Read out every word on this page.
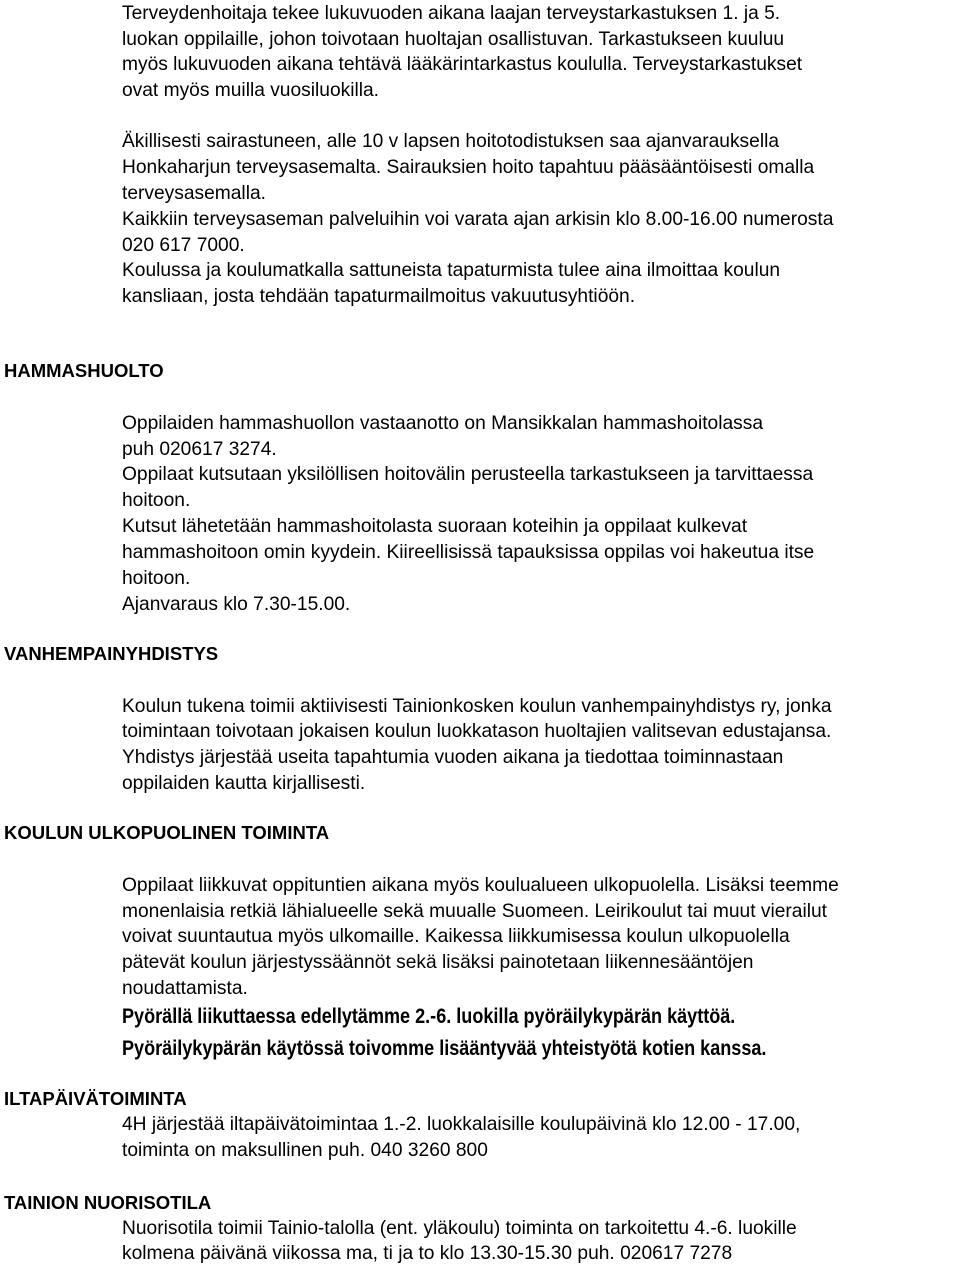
Terveydenhoitaja tekee lukuvuoden aikana laajan terveystarkastuksen 1. ja 5.
luokan oppilaille, johon toivotaan huoltajan osallistuvan. Tarkastukseen kuuluu
myös lukuvuoden aikana tehtävä lääkärintarkastus koululla. Terveystarkastukset
ovat myös muilla vuosiluokilla.
Äkillisesti sairastuneen, alle 10 v lapsen hoitotodistuksen saa ajanvarauksella
Honkaharjun terveysasemalta. Sairauksien hoito tapahtuu pääsääntöisesti omalla
terveysasemalla.
Kaikkiin terveysaseman palveluihin voi varata ajan arkisin klo 8.00-16.00 numerosta
020 617 7000.
Koulussa ja koulumatkalla sattuneista tapaturmista tulee aina ilmoittaa koulun
kansliaan, josta tehdään tapaturmailmoitus vakuutusyhtiöön.
HAMMASHUOLTO
Oppilaiden hammashuollon vastaanotto on Mansikkalan hammashoitolassa
puh 020617 3274.
Oppilaat kutsutaan yksilöllisen hoitovälin perusteella tarkastukseen ja tarvittaessa
hoitoon.
Kutsut lähetetään hammashoitolasta suoraan koteihin ja oppilaat kulkevat
hammashoitoon omin kyydein. Kiireellisissä tapauksissa oppilas voi hakeutua itse
hoitoon.
Ajanvaraus klo 7.30-15.00.
VANHEMPAINYHDISTYS
Koulun tukena toimii aktiivisesti Tainionkosken koulun vanhempainyhdistys ry, jonka
toimintaan toivotaan jokaisen koulun luokkatason huoltajien valitsevan edustajansa.
Yhdistys järjestää useita tapahtumia vuoden aikana ja tiedottaa toiminnastaan
oppilaiden kautta kirjallisesti.
KOULUN ULKOPUOLINEN TOIMINTA
Oppilaat liikkuvat oppituntien aikana myös koulualueen ulkopuolella. Lisäksi teemme
monenlaisia retkiä lähialueelle sekä muualle Suomeen. Leirikoulut tai muut vierailut
voivat suuntautua myös ulkomaille. Kaikessa liikkumisessa koulun ulkopuolella
pätevät koulun järjestyssäännöt sekä lisäksi painotetaan liikennesääntöjen
noudattamista.
Pyörällä liikuttaessa edellytämme 2.-6. luokilla pyöräilykypärän käyttöä.
Pyöräilykypärän käytössä toivomme lisääntyvää yhteistyötä kotien kanssa.
ILTAPÄIVÄTOIMINTA
4H järjestää iltapäivätoimintaa 1.-2. luokkalaisille koulupäivinä klo 12.00 - 17.00,
toiminta on maksullinen puh. 040 3260 800
TAINION NUORISOTILA
Nuorisotila toimii Tainio-talolla (ent. yläkoulu) toiminta on tarkoitettu 4.-6. luokille
kolmena päivänä viikossa ma, ti ja to klo 13.30-15.30 puh. 020617 7278
